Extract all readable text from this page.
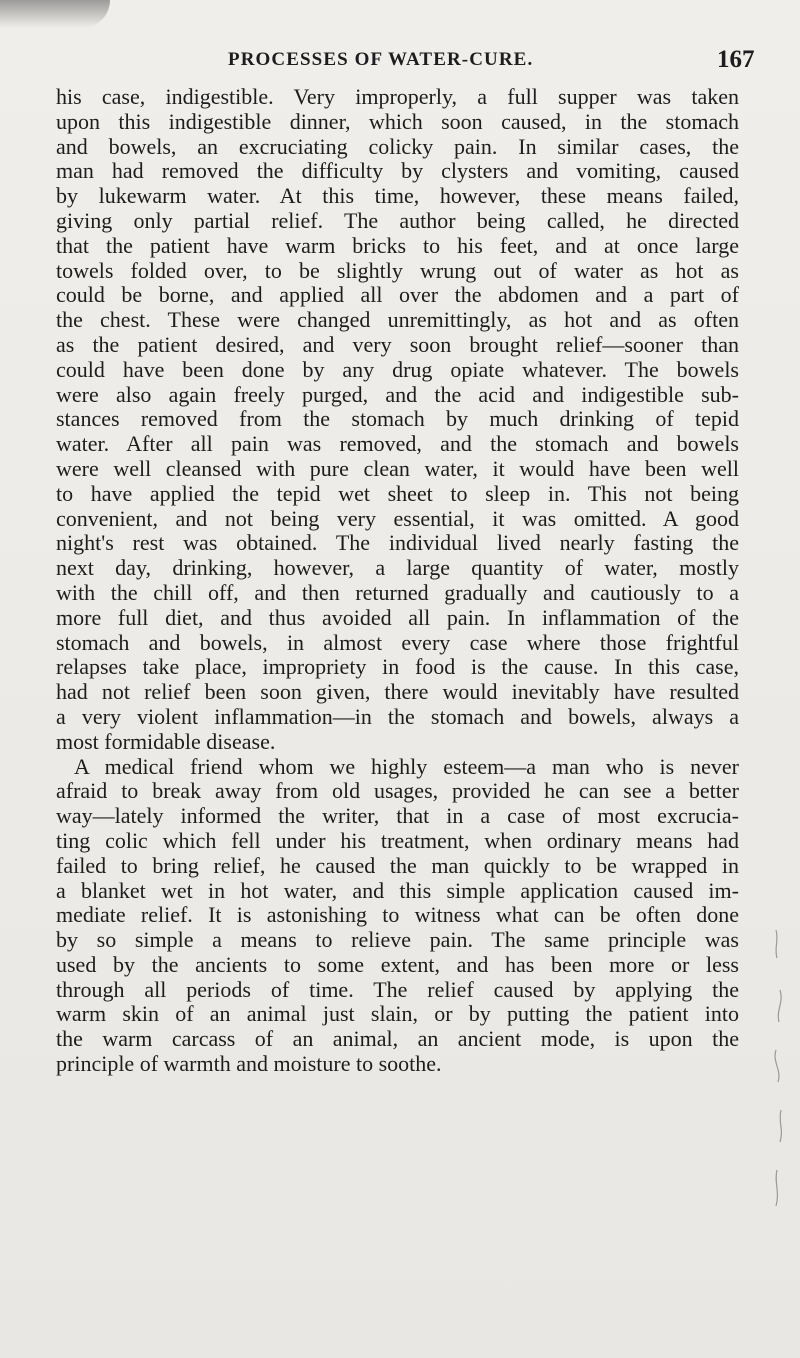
PROCESSES OF WATER-CURE.	167
his case, indigestible. Very improperly, a full supper was taken
upon this indigestible dinner, which soon caused, in the stomach
and bowels, an excruciating colicky pain. In similar cases, the
man had removed the difficulty by clysters and vomiting, caused
by lukewarm water. At this time, however, these means failed,
giving only partial relief. The author being called, he directed
that the patient have warm bricks to his feet, and at once large
towels folded over, to be slightly wrung out of water as hot as
could be borne, and applied all over the abdomen and a part of
the chest. These were changed unremittingly, as hot and as often
as the patient desired, and very soon brought relief—sooner than
could have been done by any drug opiate whatever. The bowels
were also again freely purged, and the acid and indigestible sub-
stances removed from the stomach by much drinking of tepid
water. After all pain was removed, and the stomach and bowels
were well cleansed with pure clean water, it would have been well
to have applied the tepid wet sheet to sleep in. This not being
convenient, and not being very essential, it was omitted. A good
night's rest was obtained. The individual lived nearly fasting the
next day, drinking, however, a large quantity of water, mostly
with the chill off, and then returned gradually and cautiously to a
more full diet, and thus avoided all pain. In inflammation of the
stomach and bowels, in almost every case where those frightful
relapses take place, impropriety in food is the cause. In this case,
had not relief been soon given, there would inevitably have resulted
a very violent inflammation—in the stomach and bowels, always a
most formidable disease.
A medical friend whom we highly esteem—a man who is never
afraid to break away from old usages, provided he can see a better
way—lately informed the writer, that in a case of most excrucia-
ting colic which fell under his treatment, when ordinary means had
failed to bring relief, he caused the man quickly to be wrapped in
a blanket wet in hot water, and this simple application caused im-
mediate relief. It is astonishing to witness what can be often done
by so simple a means to relieve pain. The same principle was
used by the ancients to some extent, and has been more or less
through all periods of time. The relief caused by applying the
warm skin of an animal just slain, or by putting the patient into
the warm carcass of an animal, an ancient mode, is upon the
principle of warmth and moisture to soothe.
